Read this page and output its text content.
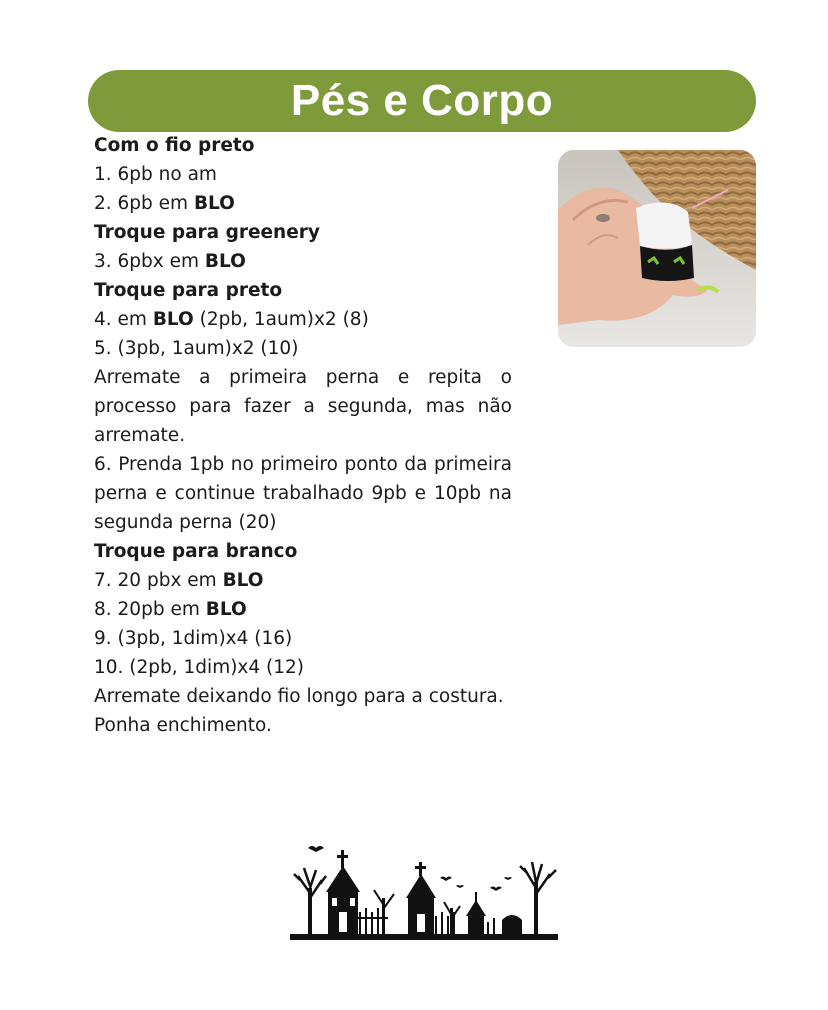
Pés e Corpo
Com o fio preto
1. 6pb no am
2. 6pb em BLO
Troque para greenery
3. 6pbx em BLO
Troque para preto
4. em BLO (2pb, 1aum)x2 (8)
5. (3pb, 1aum)x2 (10)
Arremate a primeira perna e repita o processo para fazer a segunda, mas não arremate.
6. Prenda 1pb no primeiro ponto da primeira perna e continue trabalhado 9pb e 10pb na segunda perna (20)
Troque para branco
7. 20 pbx em BLO
8. 20pb em BLO
9. (3pb, 1dim)x4 (16)
10. (2pb, 1dim)x4 (12)
Arremate deixando fio longo para a costura.
Ponha enchimento.
